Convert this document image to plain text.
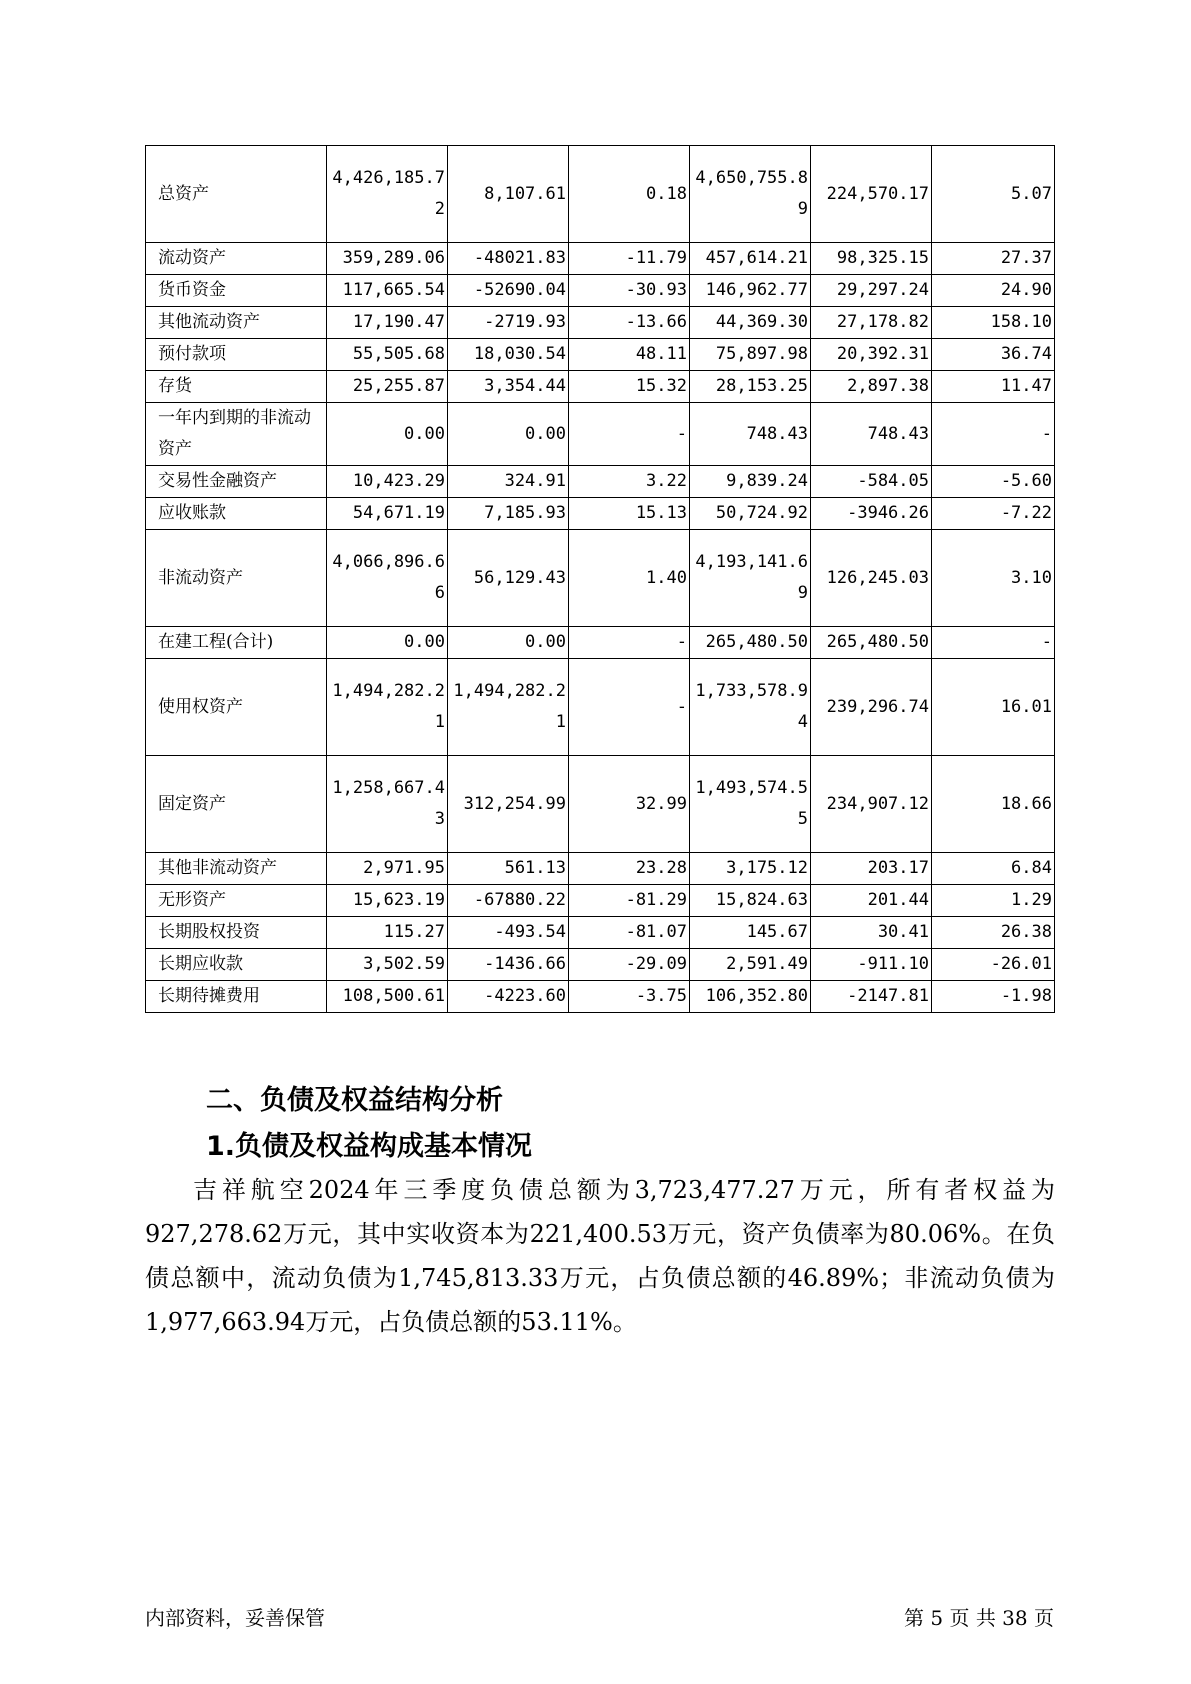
总资产	4,426,185.72	8,107.61	0.18	4,650,755.89	224,570.17	5.07
流动资产	359,289.06	-48021.83	-11.79	457,614.21	98,325.15	27.37
货币资金	117,665.54	-52690.04	-30.93	146,962.77	29,297.24	24.90
其他流动资产	17,190.47	-2719.93	-13.66	44,369.30	27,178.82	158.10
预付款项	55,505.68	18,030.54	48.11	75,897.98	20,392.31	36.74
存货	25,255.87	3,354.44	15.32	28,153.25	2,897.38	11.47
一年内到期的非流动资产	0.00	0.00	-	748.43	748.43	-
交易性金融资产	10,423.29	324.91	3.22	9,839.24	-584.05	-5.60
应收账款	54,671.19	7,185.93	15.13	50,724.92	-3946.26	-7.22
非流动资产	4,066,896.66	56,129.43	1.40	4,193,141.69	126,245.03	3.10
在建工程(合计)	0.00	0.00	-	265,480.50	265,480.50	-
使用权资产	1,494,282.21	1,494,282.21	-	1,733,578.94	239,296.74	16.01
固定资产	1,258,667.43	312,254.99	32.99	1,493,574.55	234,907.12	18.66
其他非流动资产	2,971.95	561.13	23.28	3,175.12	203.17	6.84
无形资产	15,623.19	-67880.22	-81.29	15,824.63	201.44	1.29
长期股权投资	115.27	-493.54	-81.07	145.67	30.41	26.38
长期应收款	3,502.59	-1436.66	-29.09	2,591.49	-911.10	-26.01
长期待摊费用	108,500.61	-4223.60	-3.75	106,352.80	-2147.81	-1.98
二、负债及权益结构分析
1.负债及权益构成基本情况

吉祥航空2024年三季度负债总额为3,723,477.27万元，所有者权益为927,278.62万元，其中实收资本为221,400.53万元，资产负债率为80.06%。在负债总额中，流动负债为1,745,813.33万元，占负债总额的46.89%；非流动负债为1,977,663.94万元，占负债总额的53.11%。

内部资料，妥善保管	第 5 页 共 38 页
